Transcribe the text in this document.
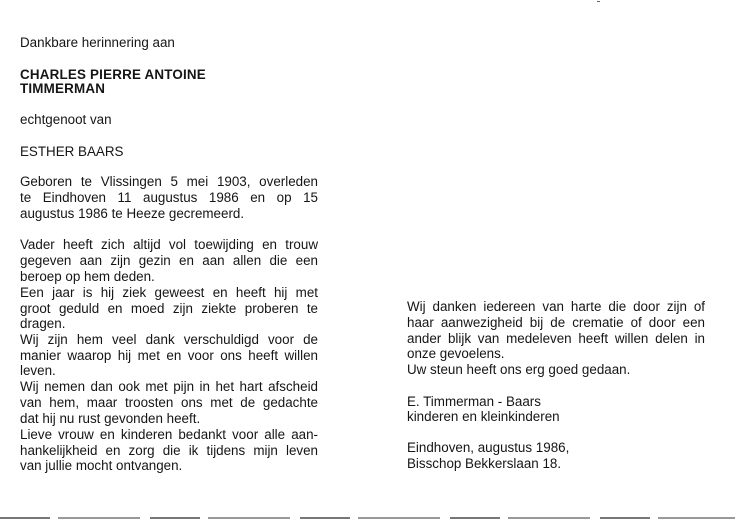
Dankbare herinnering aan
CHARLES PIERRE ANTOINE
TIMMERMAN
echtgenoot van
ESTHER BAARS
Geboren te Vlissingen 5 mei 1903, overleden
te Eindhoven 11 augustus 1986 en op 15
augustus 1986 te Heeze gecremeerd.
Vader heeft zich altijd vol toewijding en trouw
gegeven aan zijn gezin en aan allen die een
beroep op hem deden.
Een jaar is hij ziek geweest en heeft hij met
groot geduld en moed zijn ziekte proberen te
dragen.
Wij zijn hem veel dank verschuldigd voor de
manier waarop hij met en voor ons heeft willen
leven.
Wij nemen dan ook met pijn in het hart afscheid
van hem, maar troosten ons met de gedachte
dat hij nu rust gevonden heeft.
Lieve vrouw en kinderen bedankt voor alle aan-
hankelijkheid en zorg die ik tijdens mijn leven
van jullie mocht ontvangen.
Wij danken iedereen van harte die door zijn of
haar aanwezigheid bij de crematie of door een
ander blijk van medeleven heeft willen delen in
onze gevoelens.
Uw steun heeft ons erg goed gedaan.
E. Timmerman - Baars
kinderen en kleinkinderen
Eindhoven, augustus 1986,
Bisschop Bekkerslaan 18.
